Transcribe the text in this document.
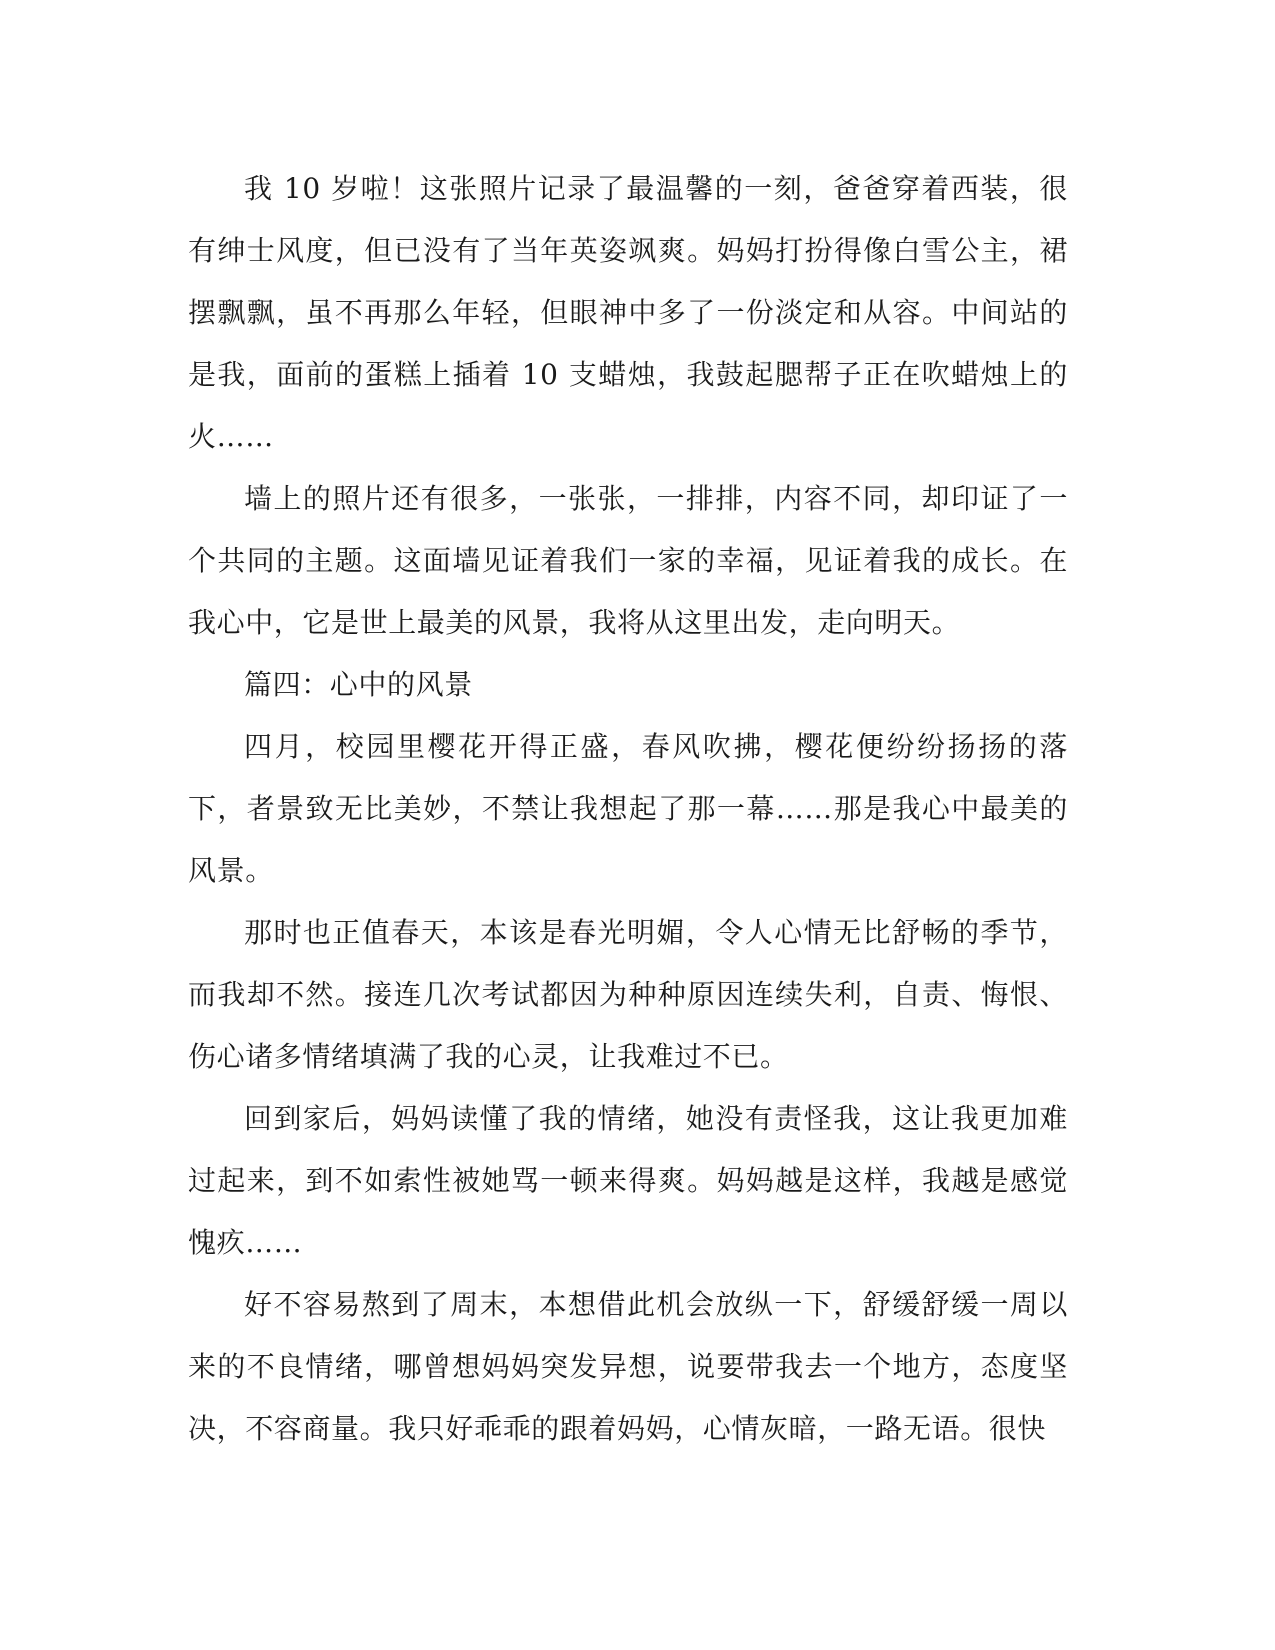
我 10 岁啦！这张照片记录了最温馨的一刻，爸爸穿着西装，很有绅士风度，但已没有了当年英姿飒爽。妈妈打扮得像白雪公主，裙摆飘飘，虽不再那么年轻，但眼神中多了一份淡定和从容。中间站的是我，面前的蛋糕上插着 10 支蜡烛，我鼓起腮帮子正在吹蜡烛上的火……

墙上的照片还有很多，一张张，一排排，内容不同，却印证了一个共同的主题。这面墙见证着我们一家的幸福，见证着我的成长。在我心中，它是世上最美的风景，我将从这里出发，走向明天。

篇四：心中的风景

四月，校园里樱花开得正盛，春风吹拂，樱花便纷纷扬扬的落下，者景致无比美妙，不禁让我想起了那一幕……那是我心中最美的风景。

那时也正值春天，本该是春光明媚，令人心情无比舒畅的季节，而我却不然。接连几次考试都因为种种原因连续失利，自责、悔恨、伤心诸多情绪填满了我的心灵，让我难过不已。

回到家后，妈妈读懂了我的情绪，她没有责怪我，这让我更加难过起来，到不如索性被她骂一顿来得爽。妈妈越是这样，我越是感觉愧疚……

好不容易熬到了周末，本想借此机会放纵一下，舒缓舒缓一周以来的不良情绪，哪曾想妈妈突发异想，说要带我去一个地方，态度坚决，不容商量。我只好乖乖的跟着妈妈，心情灰暗，一路无语。很快
